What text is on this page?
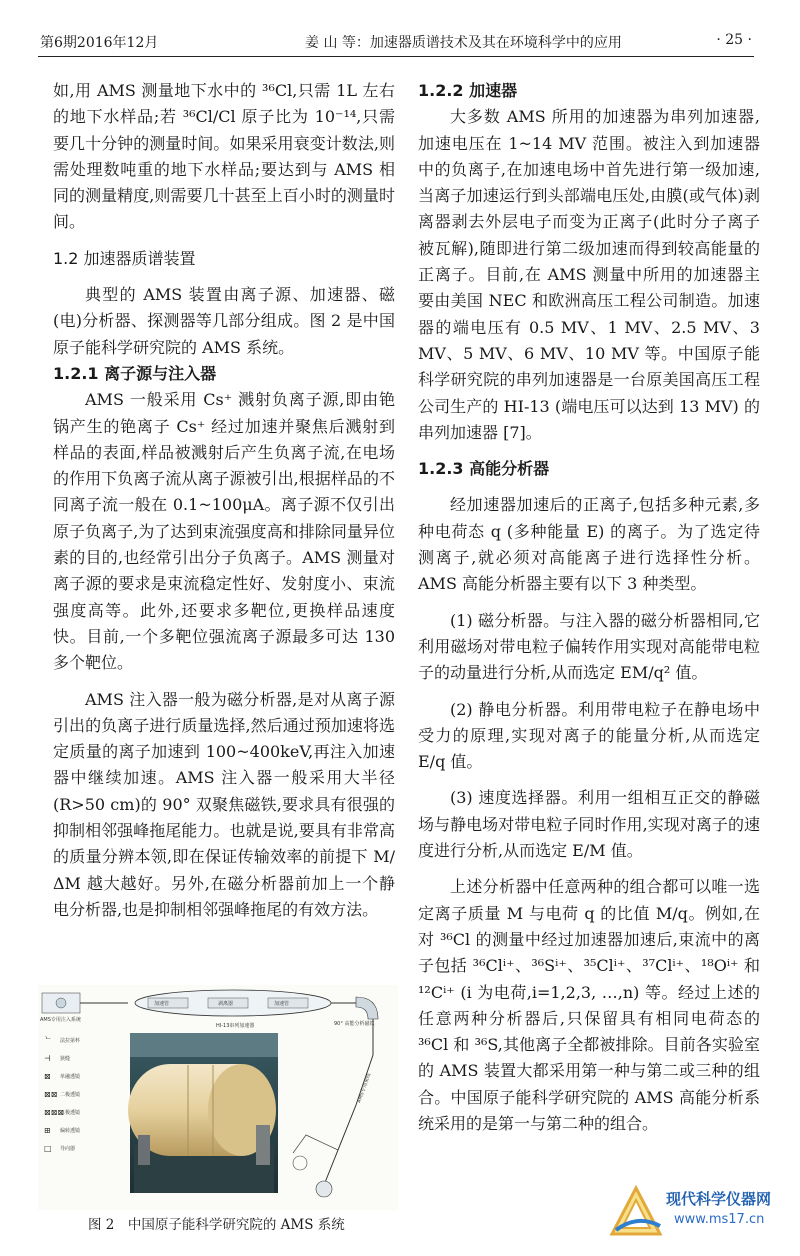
第6期2016年12月	姜 山 等：加速器质谱技术及其在环境科学中的应用	· 25 ·

如,用 AMS 测量地下水中的 ³⁶Cl,只需 1L 左右的地下水样品;若 ³⁶Cl/Cl 原子比为 10⁻¹⁴,只需要几十分钟的测量时间。如果采用衰变计数法,则需处理数吨重的地下水样品;要达到与 AMS 相同的测量精度,则需要几十甚至上百小时的测量时间。

1.2 加速器质谱装置

典型的 AMS 装置由离子源、加速器、磁(电)分析器、探测器等几部分组成。图 2 是中国原子能科学研究院的 AMS 系统。

1.2.1 离子源与注入器

AMS 一般采用 Cs⁺ 溅射负离子源,即由铯锅产生的铯离子 Cs⁺ 经过加速并聚焦后溅射到样品的表面,样品被溅射后产生负离子流,在电场的作用下负离子流从离子源被引出,根据样品的不同离子流一般在 0.1~100μA。离子源不仅引出原子负离子,为了达到束流强度高和排除同量异位素的目的,也经常引出分子负离子。AMS 测量对离子源的要求是束流稳定性好、发射度小、束流强度高等。此外,还要求多靶位,更换样品速度快。目前,一个多靶位强流离子源最多可达 130 多个靶位。

AMS 注入器一般为磁分析器,是对从离子源引出的负离子进行质量选择,然后通过预加速将选定质量的离子加速到 100~400keV,再注入加速器中继续加速。AMS 注入器一般采用大半径(R>50 cm)的 90° 双聚焦磁铁,要求具有很强的抑制相邻强峰拖尾能力。也就是说,要具有非常高的质量分辨本领,即在保证传输效率的前提下 M/ΔM 越大越好。另外,在磁分析器前加上一个静电分析器,也是抑制相邻强峰拖尾的有效方法。

1.2.2 加速器

大多数 AMS 所用的加速器为串列加速器,加速电压在 1~14 MV 范围。被注入到加速器中的负离子,在加速电场中首先进行第一级加速,当离子加速运行到头部端电压处,由膜(或气体)剥离器剥去外层电子而变为正离子(此时分子离子被瓦解),随即进行第二级加速而得到较高能量的正离子。目前,在 AMS 测量中所用的加速器主要由美国 NEC 和欧洲高压工程公司制造。加速器的端电压有 0.5 MV、1 MV、2.5 MV、3 MV、5 MV、6 MV、10 MV 等。中国原子能科学研究院的串列加速器是一台原美国高压工程公司生产的 HI-13 (端电压可以达到 13 MV) 的串列加速器 [7]。

1.2.3 高能分析器

经加速器加速后的正离子,包括多种元素,多种电荷态 q (多种能量 E) 的离子。为了选定待测离子,就必须对高能离子进行选择性分析。AMS 高能分析器主要有以下 3 种类型。

(1) 磁分析器。与注入器的磁分析器相同,它利用磁场对带电粒子偏转作用实现对高能带电粒子的动量进行分析,从而选定 EM/q² 值。

(2) 静电分析器。利用带电粒子在静电场中受力的原理,实现对离子的能量分析,从而选定 E/q 值。

(3) 速度选择器。利用一组相互正交的静磁场与静电场对带电粒子同时作用,实现对离子的速度进行分析,从而选定 E/M 值。

上述分析器中任意两种的组合都可以唯一选定离子质量 M 与电荷 q 的比值 M/q。例如,在对 ³⁶Cl 的测量中经过加速器加速后,束流中的离子包括 ³⁶Clⁱ⁺、³⁶Sⁱ⁺、³⁵Clⁱ⁺、³⁷Clⁱ⁺、¹⁸Oⁱ⁺ 和 ¹²Cⁱ⁺ (i 为电荷,i=1,2,3, …,n) 等。经过上述的任意两种分析器后,只保留具有相同电荷态的 ³⁶Cl 和 ³⁶S,其他离子全都被排除。目前各实验室的 AMS 装置大都采用第一种与第二或三种的组合。中国原子能科学研究院的 AMS 高能分析系统采用的是第一与第二种的组合。

AMS专用注入系统
加速管	剥离器	加速管
HI-13串列加速器	90° 高能分析磁铁
AMS专用束线
ᄂ 法拉第杯
⊣ 狭缝
⊠ 单融透镜
⊠⊠ 二极透镜
⊠⊠⊠
三极透镜
⊞ 偏转透镜
□ 导向器
图 2　中国原子能科学研究院的 AMS 系统
现代科学仪器网
www.ms17.cn
